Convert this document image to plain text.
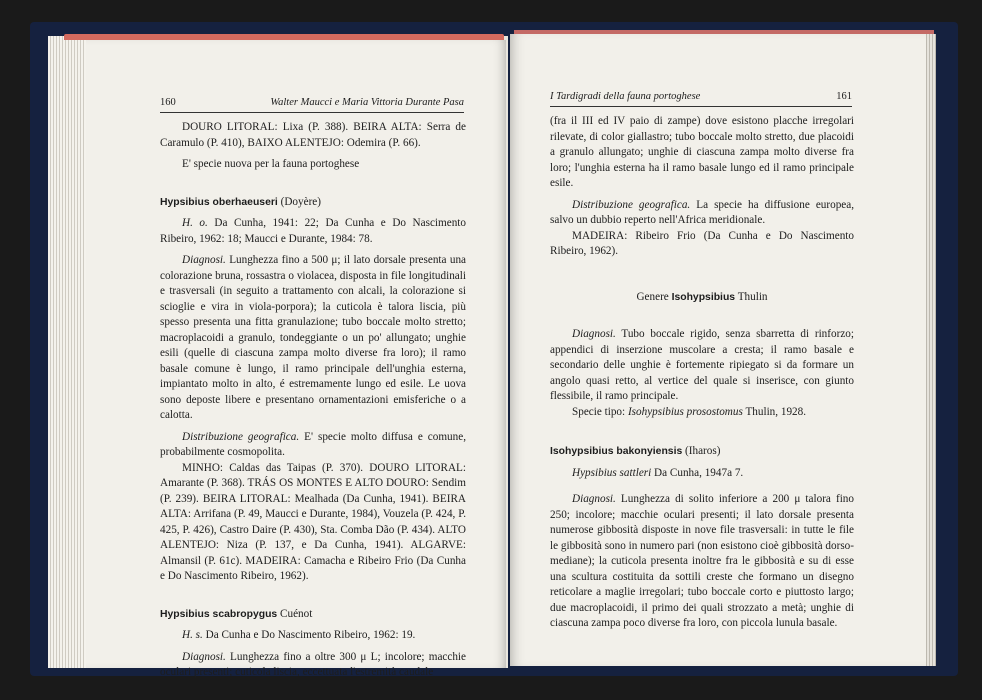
160	Walter Maucci e Maria Vittoria Durante Pasa

DOURO LITORAL: Lixa (P. 388). BEIRA ALTA: Serra de Caramulo (P. 410), BAIXO ALENTEJO: Odemira (P. 66).

E' specie nuova per la fauna portoghese

Hypsibius oberhaeuseri (Doyère)

H. o. Da Cunha, 1941: 22; Da Cunha e Do Nascimento Ribeiro, 1962: 18; Maucci e Durante, 1984: 78.

Diagnosi. Lunghezza fino a 500 μ; il lato dorsale presenta una colorazione bruna, rossastra o violacea, disposta in file longitudinali e trasversali (in seguito a trattamento con alcali, la colorazione si scioglie e vira in viola-porpora); la cuticola è talora liscia, più spesso presenta una fitta granulazione; tubo boccale molto stretto; macroplacoidi a granulo, tondeggiante o un po' allungato; unghie esili (quelle di ciascuna zampa molto diverse fra loro); il ramo basale comune è lungo, il ramo principale dell'unghia esterna, impiantato molto in alto, é estremamente lungo ed esile. Le uova sono deposte libere e presentano ornamentazioni emisferiche o a calotta.

Distribuzione geografica. E' specie molto diffusa e comune, probabilmente cosmopolita.

MINHO: Caldas das Taipas (P. 370). DOURO LITORAL: Amarante (P. 368). TRÁS OS MONTES E ALTO DOURO: Sendim (P. 239). BEIRA LITORAL: Mealhada (Da Cunha, 1941). BEIRA ALTA: Arrifana (P. 49, Maucci e Durante, 1984), Vouzela (P. 424, P. 425, P. 426), Castro Daire (P. 430), Sta. Comba Dão (P. 434). ALTO ALENTEJO: Niza (P. 137, e Da Cunha, 1941). ALGARVE: Almansil (P. 61c). MADEIRA: Camacha e Ribeiro Frio (Da Cunha e Do Nascimento Ribeiro, 1962).

Hypsibius scabropygus Cuénot

H. s. Da Cunha e Do Nascimento Ribeiro, 1962: 19.

Diagnosi. Lunghezza fino a oltre 300 μ L; incolore; macchie oculari presenti; cuticola liscia, eccettuata l'estremità caudale

I Tardigradi della fauna portoghese	161

(fra il III ed IV paio di zampe) dove esistono placche irregolari rilevate, di color giallastro; tubo boccale molto stretto, due placoidi a granulo allungato; unghie di ciascuna zampa molto diverse fra loro; l'unghia esterna ha il ramo basale lungo ed il ramo principale esile.

Distribuzione geografica. La specie ha diffusione europea, salvo un dubbio reperto nell'Africa meridionale.

MADEIRA: Ribeiro Frio (Da Cunha e Do Nascimento Ribeiro, 1962).

Genere Isohypsibius Thulin

Diagnosi. Tubo boccale rigido, senza sbarretta di rinforzo; appendici di inserzione muscolare a cresta; il ramo basale e secondario delle unghie è fortemente ripiegato si da formare un angolo quasi retto, al vertice del quale si inserisce, con giunto flessibile, il ramo principale.

Specie tipo: Isohypsibius prosostomus Thulin, 1928.

Isohypsibius bakonyiensis (Iharos)

Hypsibius sattleri Da Cunha, 1947a 7.

Diagnosi. Lunghezza di solito inferiore a 200 μ talora fino 250; incolore; macchie oculari presenti; il lato dorsale presenta numerose gibbosità disposte in nove file trasversali: in tutte le file le gibbosità sono in numero pari (non esistono cioè gibbosità dorso-mediane); la cuticola presenta inoltre fra le gibbosità e su di esse una scultura costituita da sottili creste che formano un disegno reticolare a maglie irregolari; tubo boccale corto e piuttosto largo; due macroplacoidi, il primo dei quali strozzato a metà; unghie di ciascuna zampa poco diverse fra loro, con piccola lunula basale.
